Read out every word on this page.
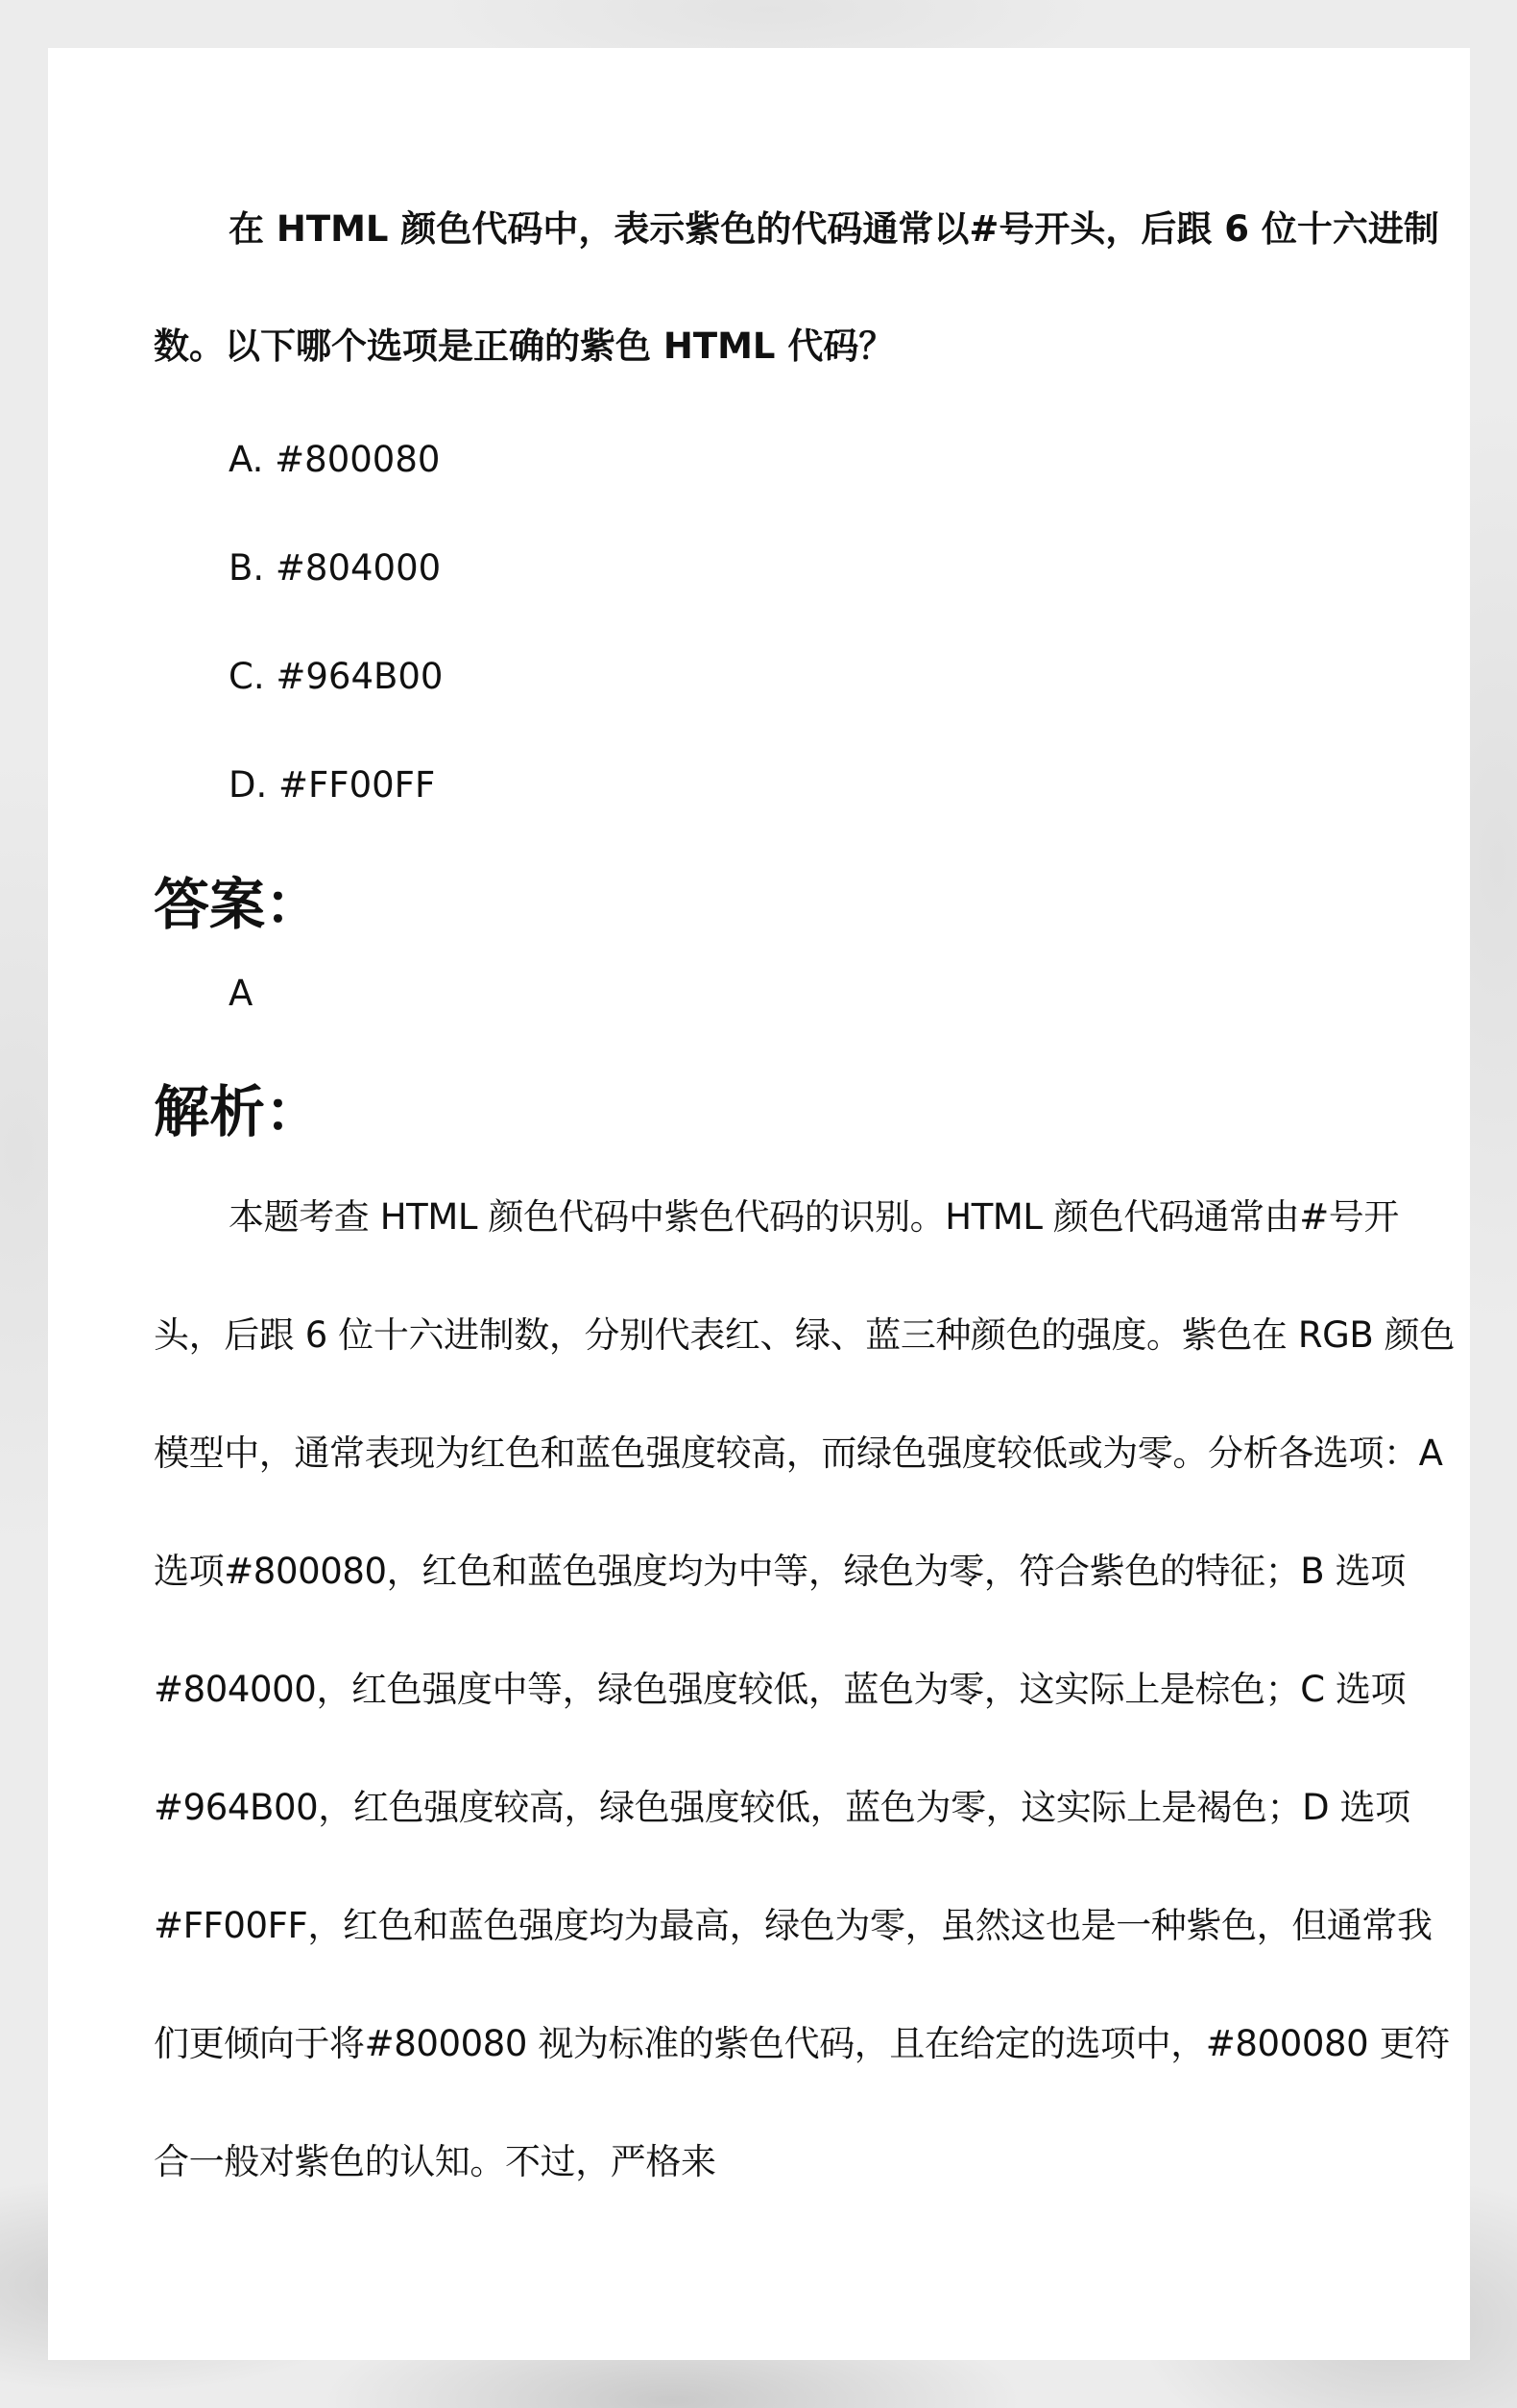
在 HTML 颜色代码中，表示紫色的代码通常以#号开头，后跟 6 位十六进制数。以下哪个选项是正确的紫色 HTML 代码？

A. #800080
B. #804000
C. #964B00
D. #FF00FF
答案：

A

解析：

本题考查 HTML 颜色代码中紫色代码的识别。HTML 颜色代码通常由#号开头，后跟 6 位十六进制数，分别代表红、绿、蓝三种颜色的强度。紫色在 RGB 颜色模型中，通常表现为红色和蓝色强度较高，而绿色强度较低或为零。分析各选项：A 选项#800080，红色和蓝色强度均为中等，绿色为零，符合紫色的特征；B 选项#804000，红色强度中等，绿色强度较低，蓝色为零，这实际上是棕色；C 选项#964B00，红色强度较高，绿色强度较低，蓝色为零，这实际上是褐色；D 选项#FF00FF，红色和蓝色强度均为最高，绿色为零，虽然这也是一种紫色，但通常我们更倾向于将#800080 视为标准的紫色代码，且在给定的选项中，#800080 更符合一般对紫色的认知。不过，严格来
